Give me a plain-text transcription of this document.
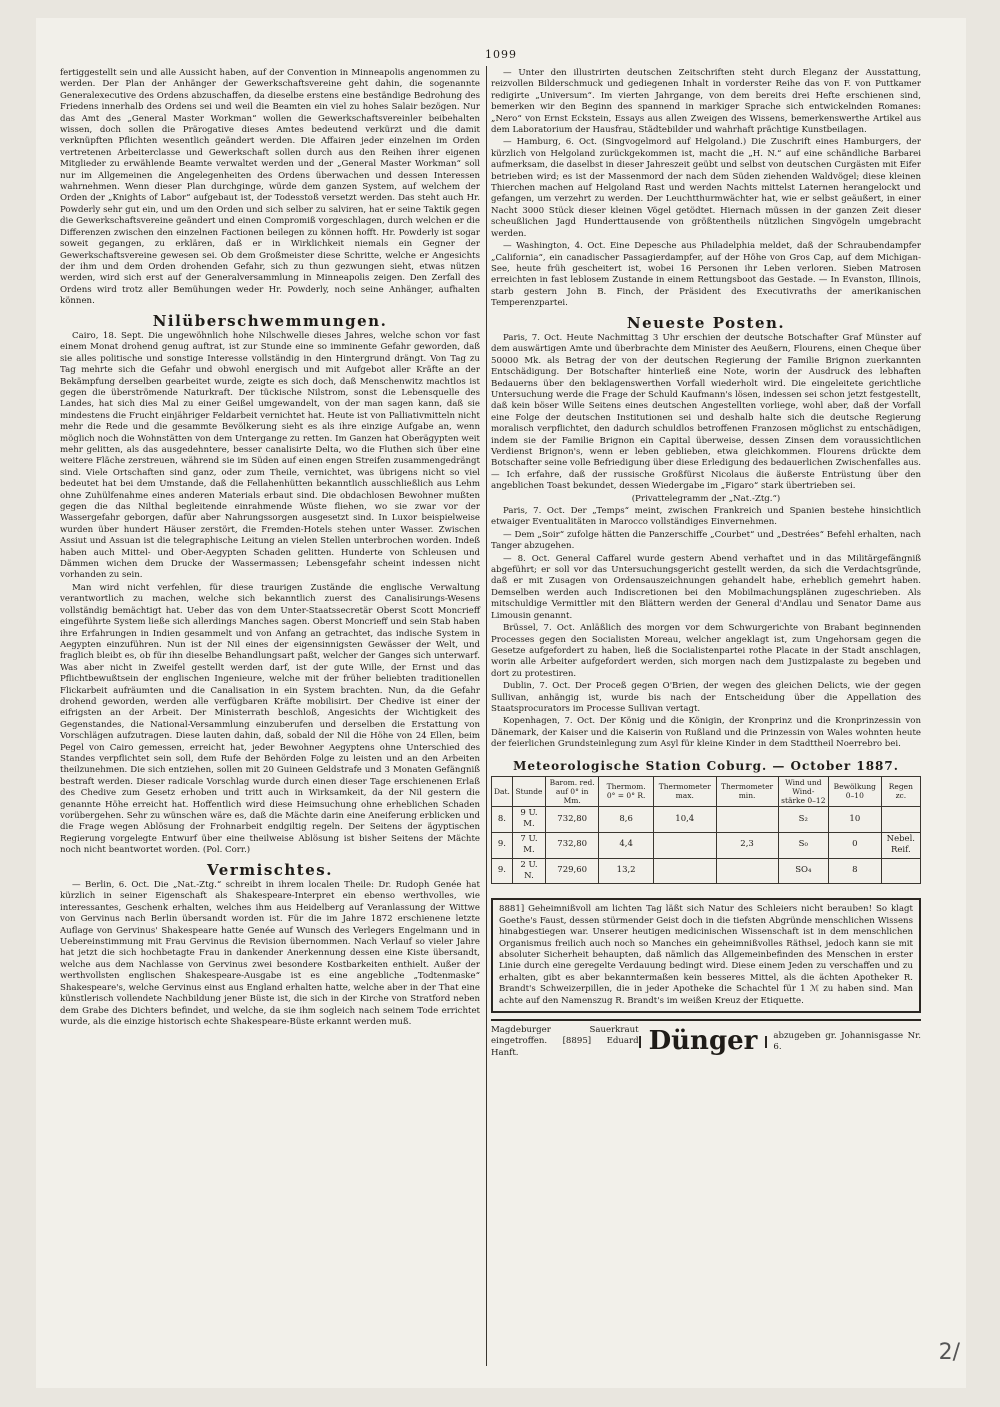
1099

fertiggestellt sein und alle Aussicht haben, auf der Convention in Minneapolis angenommen zu werden. Der Plan der Anhänger der Gewerkschaftsvereine geht dahin, die sogenannte Generalexecutive des Ordens abzuschaffen, da dieselbe erstens eine beständige Bedrohung des Friedens innerhalb des Ordens sei und weil die Beamten ein viel zu hohes Salair bezögen. Nur das Amt des „General Master Workman“ wollen die Gewerkschaftsvereinler beibehalten wissen, doch sollen die Prärogative dieses Amtes bedeutend verkürzt und die damit verknüpften Pflichten wesentlich geändert werden. Die Affairen jeder einzelnen im Orden vertretenen Arbeiterclasse und Gewerkschaft sollen durch aus den Reihen ihrer eigenen Mitglieder zu erwählende Beamte verwaltet werden und der „General Master Workman“ soll nur im Allgemeinen die Angelegenheiten des Ordens überwachen und dessen Interessen wahrnehmen. Wenn dieser Plan durchginge, würde dem ganzen System, auf welchem der Orden der „Knights of Labor“ aufgebaut ist, der Todesstoß versetzt werden. Das steht auch Hr. Powderly sehr gut ein, und um den Orden und sich selber zu salviren, hat er seine Taktik gegen die Gewerkschaftsvereine geändert und einen Compromiß vorgeschlagen, durch welchen er die Differenzen zwischen den einzelnen Factionen beilegen zu können hofft. Hr. Powderly ist sogar soweit gegangen, zu erklären, daß er in Wirklichkeit niemals ein Gegner der Gewerkschaftsvereine gewesen sei. Ob dem Großmeister diese Schritte, welche er Angesichts der ihm und dem Orden drohenden Gefahr, sich zu thun gezwungen sieht, etwas nützen werden, wird sich erst auf der Generalversammlung in Minneapolis zeigen. Den Zerfall des Ordens wird trotz aller Bemühungen weder Hr. Powderly, noch seine Anhänger, aufhalten können.

Nilüberschwemmungen.

Cairo, 18. Sept. Die ungewöhnlich hohe Nilschwelle dieses Jahres, welche schon vor fast einem Monat drohend genug auftrat, ist zur Stunde eine so imminente Gefahr geworden, daß sie alles politische und sonstige Interesse vollständig in den Hintergrund drängt. Von Tag zu Tag mehrte sich die Gefahr und obwohl energisch und mit Aufgebot aller Kräfte an der Bekämpfung derselben gearbeitet wurde, zeigte es sich doch, daß Menschenwitz machtlos ist gegen die überströmende Naturkraft. Der tückische Nilstrom, sonst die Lebensquelle des Landes, hat sich dies Mal zu einer Geißel umgewandelt, von der man sagen kann, daß sie mindestens die Frucht einjähriger Feldarbeit vernichtet hat. Heute ist von Palliativmitteln nicht mehr die Rede und die gesammte Bevölkerung sieht es als ihre einzige Aufgabe an, wenn möglich noch die Wohnstätten von dem Untergange zu retten. Im Ganzen hat Oberägypten weit mehr gelitten, als das ausgedehntere, besser canalisirte Delta, wo die Fluthen sich über eine weitere Fläche zerstreuen, während sie im Süden auf einen engen Streifen zusammengedrängt sind. Viele Ortschaften sind ganz, oder zum Theile, vernichtet, was übrigens nicht so viel bedeutet hat bei dem Umstande, daß die Fellahenhütten bekanntlich ausschließlich aus Lehm ohne Zuhülfenahme eines anderen Materials erbaut sind. Die obdachlosen Bewohner mußten gegen die das Nilthal begleitende einrahmende Wüste fliehen, wo sie zwar vor der Wassergefahr geborgen, dafür aber Nahrungssorgen ausgesetzt sind. In Luxor beispielweise wurden über hundert Häuser zerstört, die Fremden-Hotels stehen unter Wasser. Zwischen Assiut und Assuan ist die telegraphische Leitung an vielen Stellen unterbrochen worden. Indeß haben auch Mittel- und Ober-Aegypten Schaden gelitten. Hunderte von Schleusen und Dämmen wichen dem Drucke der Wassermassen; Lebensgefahr scheint indessen nicht vorhanden zu sein.

Man wird nicht verfehlen, für diese traurigen Zustände die englische Verwaltung verantwortlich zu machen, welche sich bekanntlich zuerst des Canalisirungs-Wesens vollständig bemächtigt hat. Ueber das von dem Unter-Staatssecretär Oberst Scott Moncrieff eingeführte System ließe sich allerdings Manches sagen. Oberst Moncrieff und sein Stab haben ihre Erfahrungen in Indien gesammelt und von Anfang an getrachtet, das indische System in Aegypten einzuführen. Nun ist der Nil eines der eigensinnigsten Gewässer der Welt, und fraglich bleibt es, ob für ihn dieselbe Behandlungsart paßt, welcher der Ganges sich unterwarf. Was aber nicht in Zweifel gestellt werden darf, ist der gute Wille, der Ernst und das Pflichtbewußtsein der englischen Ingenieure, welche mit der früher beliebten traditionellen Flickarbeit aufräumten und die Canalisation in ein System brachten. Nun, da die Gefahr drohend geworden, werden alle verfügbaren Kräfte mobilisirt. Der Chedive ist einer der eifrigsten an der Arbeit. Der Ministerrath beschloß, Angesichts der Wichtigkeit des Gegenstandes, die National-Versammlung einzuberufen und derselben die Erstattung von Vorschlägen aufzutragen. Diese lauten dahin, daß, sobald der Nil die Höhe von 24 Ellen, beim Pegel von Cairo gemessen, erreicht hat, jeder Bewohner Aegyptens ohne Unterschied des Standes verpflichtet sein soll, dem Rufe der Behörden Folge zu leisten und an den Arbeiten theilzunehmen. Die sich entziehen, sollen mit 20 Guineen Geldstrafe und 3 Monaten Gefängniß bestraft werden. Dieser radicale Vorschlag wurde durch einen dieser Tage erschienenen Erlaß des Chedive zum Gesetz erhoben und tritt auch in Wirksamkeit, da der Nil gestern die genannte Höhe erreicht hat. Hoffentlich wird diese Heimsuchung ohne erheblichen Schaden vorübergehen. Sehr zu wünschen wäre es, daß die Mächte darin eine Aneiferung erblicken und die Frage wegen Ablösung der Frohnarbeit endgiltig regeln. Der Seitens der ägyptischen Regierung vorgelegte Entwurf über eine theilweise Ablösung ist bisher Seitens der Mächte noch nicht beantwortet worden. (Pol. Corr.)

Vermischtes.

— Berlin, 6. Oct. Die „Nat.-Ztg.“ schreibt in ihrem localen Theile: Dr. Rudoph Genée hat kürzlich in seiner Eigenschaft als Shakespeare-Interpret ein ebenso werthvolles, wie interessantes, Geschenk erhalten, welches ihm aus Heidelberg auf Veranlassung der Wittwe von Gervinus nach Berlin übersandt worden ist. Für die im Jahre 1872 erschienene letzte Auflage von Gervinus' Shakespeare hatte Genée auf Wunsch des Verlegers Engelmann und in Uebereinstimmung mit Frau Gervinus die Revision übernommen. Nach Verlauf so vieler Jahre hat jetzt die sich hochbetagte Frau in dankender Anerkennung dessen eine Kiste übersandt, welche aus dem Nachlasse von Gervinus zwei besondere Kostbarkeiten enthielt. Außer der werthvollsten englischen Shakespeare-Ausgabe ist es eine angebliche „Todtenmaske“ Shakespeare's, welche Gervinus einst aus England erhalten hatte, welche aber in der That eine künstlerisch vollendete Nachbildung jener Büste ist, die sich in der Kirche von Stratford neben dem Grabe des Dichters befindet, und welche, da sie ihm sogleich nach seinem Tode errichtet wurde, als die einzige historisch echte Shakespeare-Büste erkannt werden muß.

— Unter den illustrirten deutschen Zeitschriften steht durch Eleganz der Ausstattung, reizvollen Bilderschmuck und gediegenen Inhalt in vorderster Reihe das von F. von Puttkamer redigirte „Universum“. Im vierten Jahrgange, von dem bereits drei Hefte erschienen sind, bemerken wir den Beginn des spannend in markiger Sprache sich entwickelnden Romanes: „Nero“ von Ernst Eckstein, Essays aus allen Zweigen des Wissens, bemerkenswerthe Artikel aus dem Laboratorium der Hausfrau, Städtebilder und wahrhaft prächtige Kunstbeilagen.

— Hamburg, 6. Oct. (Singvogelmord auf Helgoland.) Die Zuschrift eines Hamburgers, der kürzlich von Helgoland zurückgekommen ist, macht die „H. N.“ auf eine schändliche Barbarei aufmerksam, die daselbst in dieser Jahreszeit geübt und selbst von deutschen Curgästen mit Eifer betrieben wird; es ist der Massenmord der nach dem Süden ziehenden Waldvögel; diese kleinen Thierchen machen auf Helgoland Rast und werden Nachts mittelst Laternen herangelockt und gefangen, um verzehrt zu werden. Der Leuchtthurmwächter hat, wie er selbst geäußert, in einer Nacht 3000 Stück dieser kleinen Vögel getödtet. Hiernach müssen in der ganzen Zeit dieser scheußlichen Jagd Hunderttausende von größtentheils nützlichen Singvögeln umgebracht werden.

— Washington, 4. Oct. Eine Depesche aus Philadelphia meldet, daß der Schraubendampfer „California“, ein canadischer Passagierdampfer, auf der Höhe von Gros Cap, auf dem Michigan-See, heute früh gescheitert ist, wobei 16 Personen ihr Leben verloren. Sieben Matrosen erreichten in fast leblosem Zustande in einem Rettungsboot das Gestade. — In Evanston, Illinois, starb gestern John B. Finch, der Präsident des Executivraths der amerikanischen Temperenzpartei.

Neueste Posten.

Paris, 7. Oct. Heute Nachmittag 3 Uhr erschien der deutsche Botschafter Graf Münster auf dem auswärtigen Amte und überbrachte dem Minister des Aeußern, Flourens, einen Cheque über 50000 Mk. als Betrag der von der deutschen Regierung der Familie Brignon zuerkannten Entschädigung. Der Botschafter hinterließ eine Note, worin der Ausdruck des lebhaften Bedauerns über den beklagenswerthen Vorfall wiederholt wird. Die eingeleitete gerichtliche Untersuchung werde die Frage der Schuld Kaufmann's lösen, indessen sei schon jetzt festgestellt, daß kein böser Wille Seitens eines deutschen Angestellten vorliege, wohl aber, daß der Vorfall eine Folge der deutschen Institutionen sei und deshalb halte sich die deutsche Regierung moralisch verpflichtet, den dadurch schuldlos betroffenen Franzosen möglichst zu entschädigen, indem sie der Familie Brignon ein Capital überweise, dessen Zinsen dem voraussichtlichen Verdienst Brignon's, wenn er leben geblieben, etwa gleichkommen. Flourens drückte dem Botschafter seine volle Befriedigung über diese Erledigung des bedauerlichen Zwischenfalles aus. — Ich erfahre, daß der russische Großfürst Nicolaus die äußerste Entrüstung über den angeblichen Toast bekundet, dessen Wiedergabe im „Figaro“ stark übertrieben sei.

(Privattelegramm der „Nat.-Ztg.“)

Paris, 7. Oct. Der „Temps“ meint, zwischen Frankreich und Spanien bestehe hinsichtlich etwaiger Eventualitäten in Marocco vollständiges Einvernehmen.

— Dem „Soir“ zufolge hätten die Panzerschiffe „Courbet“ und „Destrées“ Befehl erhalten, nach Tanger abzugehen.

— 8. Oct. General Caffarel wurde gestern Abend verhaftet und in das Militärgefängniß abgeführt; er soll vor das Untersuchungsgericht gestellt werden, da sich die Verdachtsgründe, daß er mit Zusagen von Ordensauszeichnungen gehandelt habe, erheblich gemehrt haben. Demselben werden auch Indiscretionen bei den Mobilmachungsplänen zugeschrieben. Als mitschuldige Vermittler mit den Blättern werden der General d'Andlau und Senator Dame aus Limousin genannt.

Brüssel, 7. Oct. Anläßlich des morgen vor dem Schwurgerichte von Brabant beginnenden Processes gegen den Socialisten Moreau, welcher angeklagt ist, zum Ungehorsam gegen die Gesetze aufgefordert zu haben, ließ die Socialistenpartei rothe Placate in der Stadt anschlagen, worin alle Arbeiter aufgefordert werden, sich morgen nach dem Justizpalaste zu begeben und dort zu protestiren.

Dublin, 7. Oct. Der Proceß gegen O'Brien, der wegen des gleichen Delicts, wie der gegen Sullivan, anhängig ist, wurde bis nach der Entscheidung über die Appellation des Staatsprocurators im Processe Sullivan vertagt.

Kopenhagen, 7. Oct. Der König und die Königin, der Kronprinz und die Kronprinzessin von Dänemark, der Kaiser und die Kaiserin von Rußland und die Prinzessin von Wales wohnten heute der feierlichen Grundsteinlegung zum Asyl für kleine Kinder in dem Stadttheil Noerrebro bei.

Meteorologische Station Coburg. — October 1887.
Dat.	Stunde	Barom. red. auf 0° in Mm.	Thermom. 0° = 0° R.	Thermometer max.	Thermometer min.	Wind und Wind-stärke 0–12	Bewölkung 0–10	Regen zc.
8.	9 U. M.	732,80	8,6	10,4		S₂	10	
9.	7 U. M.	732,80	4,4		2,3	S₀	0	Nebel. Reif.
9.	2 U. N.	729,60	13,2			SO₄	8	
8881] Geheimnißvoll am lichten Tag läßt sich Natur des Schleiers nicht berauben! So klagt Goethe's Faust, dessen stürmender Geist doch in die tiefsten Abgründe menschlichen Wissens hinabgestiegen war. Unserer heutigen medicinischen Wissenschaft ist in dem menschlichen Organismus freilich auch noch so Manches ein geheimnißvolles Räthsel, jedoch kann sie mit absoluter Sicherheit behaupten, daß nämlich das Allgemeinbefinden des Menschen in erster Linie durch eine geregelte Verdauung bedingt wird. Diese einem Jeden zu verschaffen und zu erhalten, gibt es aber bekanntermaßen kein besseres Mittel, als die ächten Apotheker R. Brandt's Schweizerpillen, die in jeder Apotheke die Schachtel für 1 ℳ zu haben sind. Man achte auf den Namenszug R. Brandt's im weißen Kreuz der Etiquette.
Magdeburger Sauerkraut eingetroffen. [8895] Eduard Hanft.	Dünger	abzugeben gr. Johannisgasse Nr. 6.
2/
